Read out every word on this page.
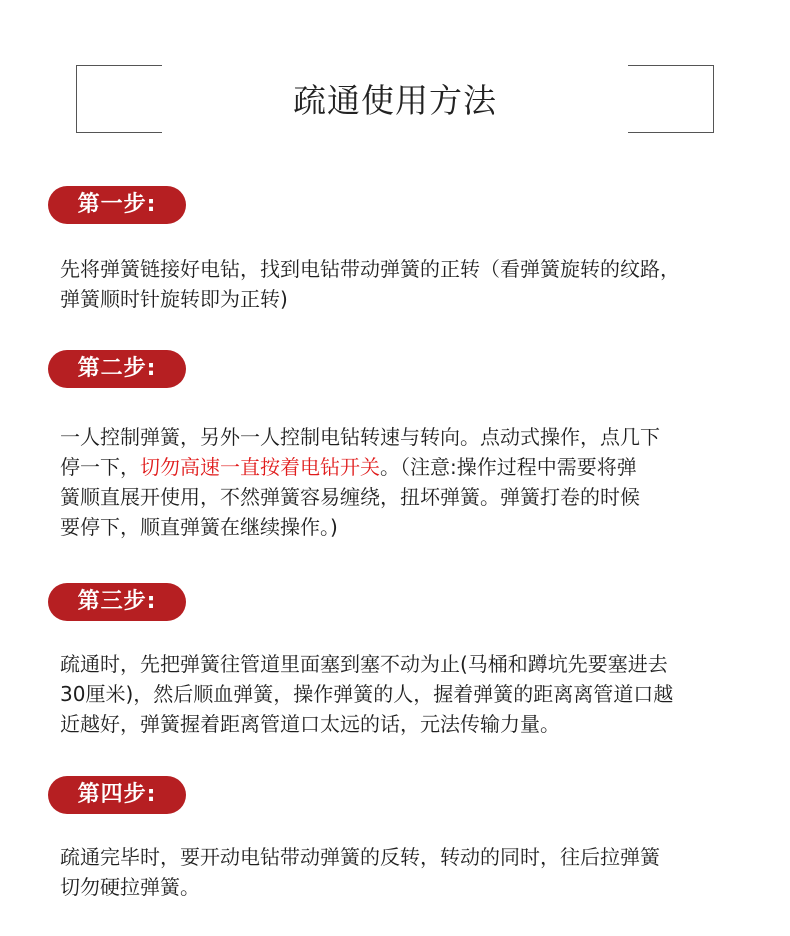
疏通使用方法
第一步:
先将弹簧链接好电钻，找到电钻带动弹簧的正转（看弹簧旋转的纹路，
弹簧顺时针旋转即为正转)
第二步:
一人控制弹簧，另外一人控制电钻转速与转向。点动式操作，点几下
停一下，切勿高速一直按着电钻开关。（注意:操作过程中需要将弹
簧顺直展开使用，不然弹簧容易缠绕，扭坏弹簧。弹簧打卷的时候
要停下，顺直弹簧在继续操作。)
第三步:
疏通时，先把弹簧往管道里面塞到塞不动为止(马桶和蹲坑先要塞进去
30厘米)，然后顺血弹簧，操作弹簧的人，握着弹簧的距离离管道口越
近越好，弹簧握着距离管道口太远的话，元法传输力量。
第四步:
疏通完毕时，要开动电钻带动弹簧的反转，转动的同时，往后拉弹簧
切勿硬拉弹簧。
